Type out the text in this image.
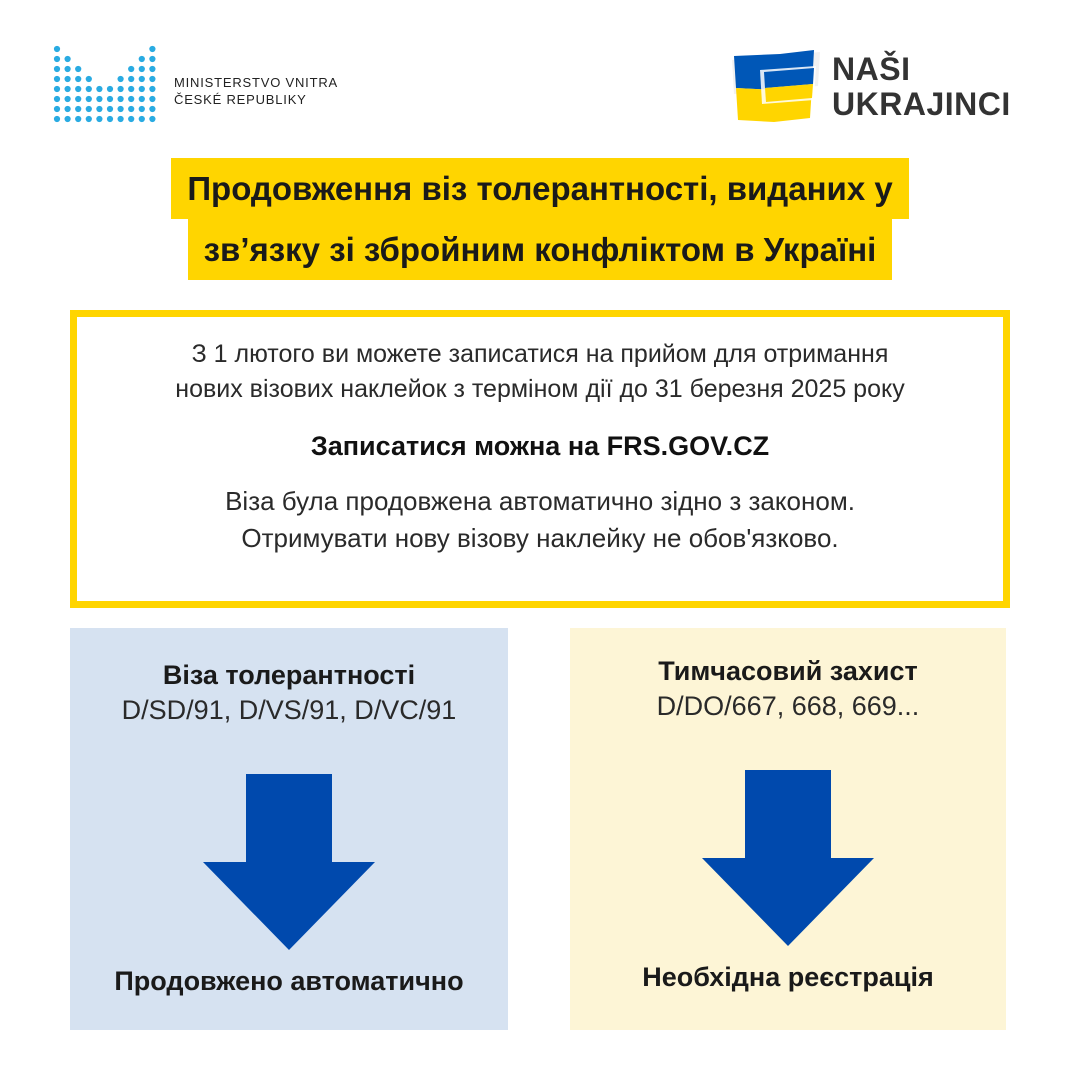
MINISTERSTVO VNITRA
ČESKÉ REPUBLIKY
NAŠI
UKRAJINCI
Продовження віз толерантності, виданих у
зв’язку зі збройним конфліктом в Україні
З 1 лютого ви можете записатися на прийом для отримання
нових візових наклейок з терміном дії до 31 березня 2025 року
Записатися можна на FRS.GOV.CZ
Віза була продовжена автоматично зідно з законом.
Отримувати нову візову наклейку не обов'язково.
Віза толерантності
D/SD/91, D/VS/91, D/VC/91
Продовжено автоматично
Тимчасовий захист
D/DO/667, 668, 669...
Необхідна реєстрація
